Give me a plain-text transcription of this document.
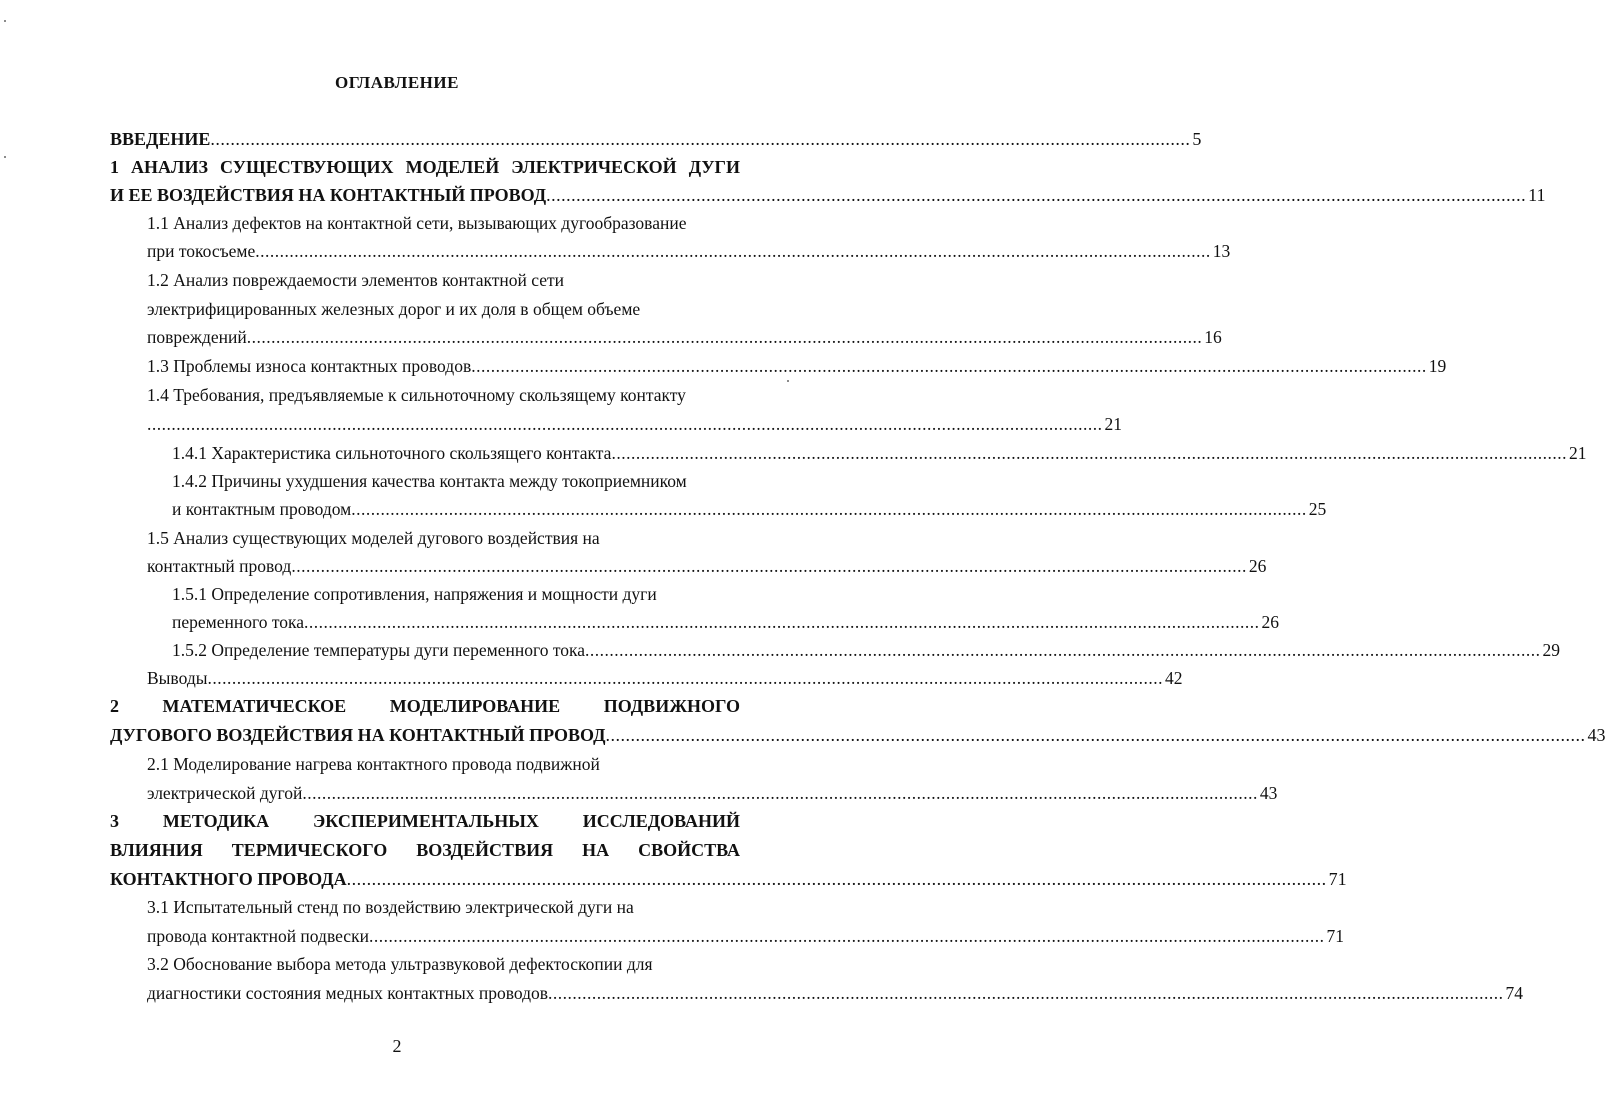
ОГЛАВЛЕНИЕ
ВВЕДЕНИЕ .................................................................................................................................................................................................... 5
1 АНАЛИЗ СУЩЕСТВУЮЩИХ МОДЕЛЕЙ ЭЛЕКТРИЧЕСКОЙ ДУГИ
И ЕЕ ВОЗДЕЙСТВИЯ НА КОНТАКТНЫЙ ПРОВОД .................................................................................................................................................................................................... 11
1.1 Анализ дефектов на контактной сети, вызывающих дугообразование
при токосъеме .................................................................................................................................................................................................... 13
1.2 Анализ повреждаемости элементов контактной сети
электрифицированных железных дорог и их доля в общем объеме
повреждений .................................................................................................................................................................................................... 16
1.3 Проблемы износа контактных проводов .................................................................................................................................................................................................... 19
1.4 Требования, предъявляемые к сильноточному скользящему контакту
.................................................................................................................................................................................................... 21
1.4.1 Характеристика сильноточного скользящего контакта .................................................................................................................................................................................................... 21
1.4.2 Причины ухудшения качества контакта между токоприемником
и контактным проводом .................................................................................................................................................................................................... 25
1.5 Анализ существующих моделей дугового воздействия на
контактный провод .................................................................................................................................................................................................... 26
1.5.1 Определение сопротивления, напряжения и мощности дуги
переменного тока .................................................................................................................................................................................................... 26
1.5.2 Определение температуры дуги переменного тока .................................................................................................................................................................................................... 29
Выводы .................................................................................................................................................................................................... 42
2 МАТЕМАТИЧЕСКОЕ МОДЕЛИРОВАНИЕ ПОДВИЖНОГО
ДУГОВОГО ВОЗДЕЙСТВИЯ НА КОНТАКТНЫЙ ПРОВОД .................................................................................................................................................................................................... 43
2.1 Моделирование нагрева контактного провода подвижной
электрической дугой .................................................................................................................................................................................................... 43
3 МЕТОДИКА ЭКСПЕРИМЕНТАЛЬНЫХ ИССЛЕДОВАНИЙ
ВЛИЯНИЯ ТЕРМИЧЕСКОГО ВОЗДЕЙСТВИЯ НА СВОЙСТВА
КОНТАКТНОГО ПРОВОДА .................................................................................................................................................................................................... 71
3.1 Испытательный стенд по воздействию электрической дуги на
провода контактной подвески .................................................................................................................................................................................................... 71
3.2 Обоснование выбора метода ультразвуковой дефектоскопии для
диагностики состояния медных контактных проводов .................................................................................................................................................................................................... 74
2
